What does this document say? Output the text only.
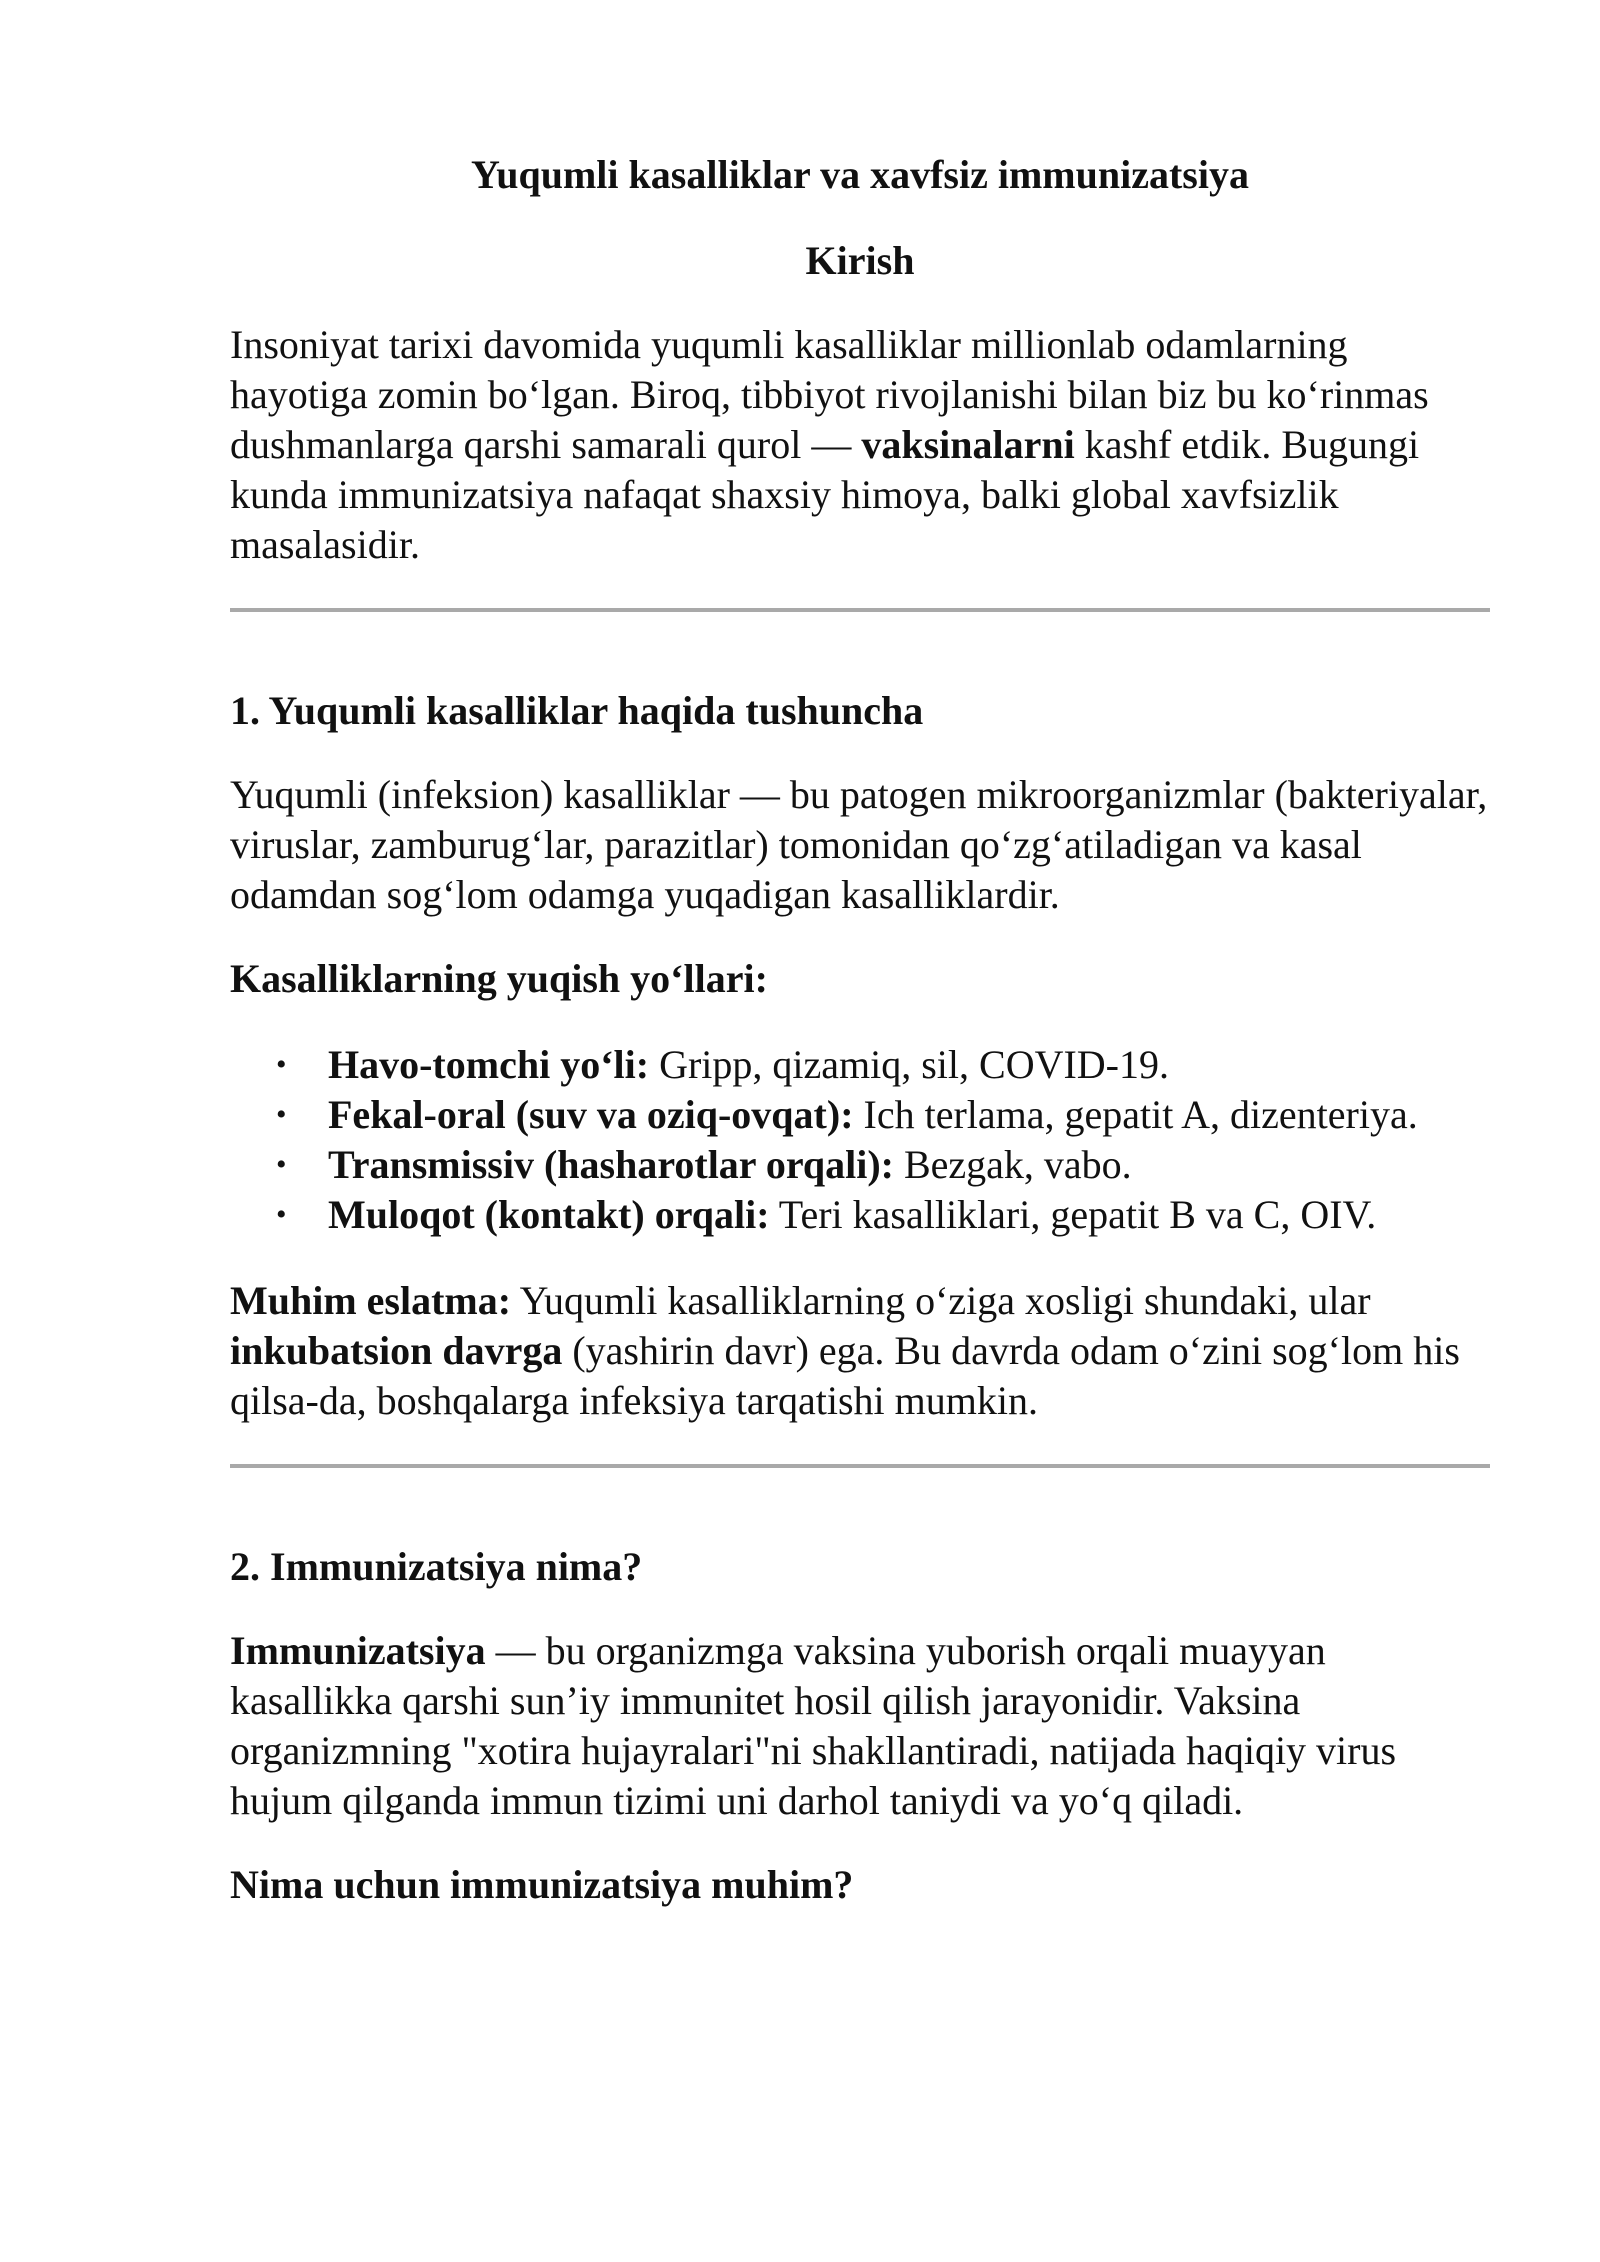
Yuqumli kasalliklar va xavfsiz immunizatsiya
Kirish

Insoniyat tarixi davomida yuqumli kasalliklar millionlab odamlarning hayotiga zomin bo‘lgan. Biroq, tibbiyot rivojlanishi bilan biz bu ko‘rinmas dushmanlarga qarshi samarali qurol — vaksinalarni kashf etdik. Bugungi kunda immunizatsiya nafaqat shaxsiy himoya, balki global xavfsizlik masalasidir.

1. Yuqumli kasalliklar haqida tushuncha

Yuqumli (infeksion) kasalliklar — bu patogen mikroorganizmlar (bakteriyalar, viruslar, zamburug‘lar, parazitlar) tomonidan qo‘zg‘atiladigan va kasal odamdan sog‘lom odamga yuqadigan kasalliklardir.

Kasalliklarning yuqish yo‘llari:

• Havo-tomchi yo‘li: Gripp, qizamiq, sil, COVID-19.
• Fekal-oral (suv va oziq-ovqat): Ich terlama, gepatit A, dizenteriya.
• Transmissiv (hasharotlar orqali): Bezgak, vabo.
• Muloqot (kontakt) orqali: Teri kasalliklari, gepatit B va C, OIV.

Muhim eslatma: Yuqumli kasalliklarning o‘ziga xosligi shundaki, ular inkubatsion davrga (yashirin davr) ega. Bu davrda odam o‘zini sog‘lom his qilsa-da, boshqalarga infeksiya tarqatishi mumkin.

2. Immunizatsiya nima?

Immunizatsiya — bu organizmga vaksina yuborish orqali muayyan kasallikka qarshi sun’iy immunitet hosil qilish jarayonidir. Vaksina organizmning "xotira hujayralari"ni shakllantiradi, natijada haqiqiy virus hujum qilganda immun tizimi uni darhol taniydi va yo‘q qiladi.

Nima uchun immunizatsiya muhim?
